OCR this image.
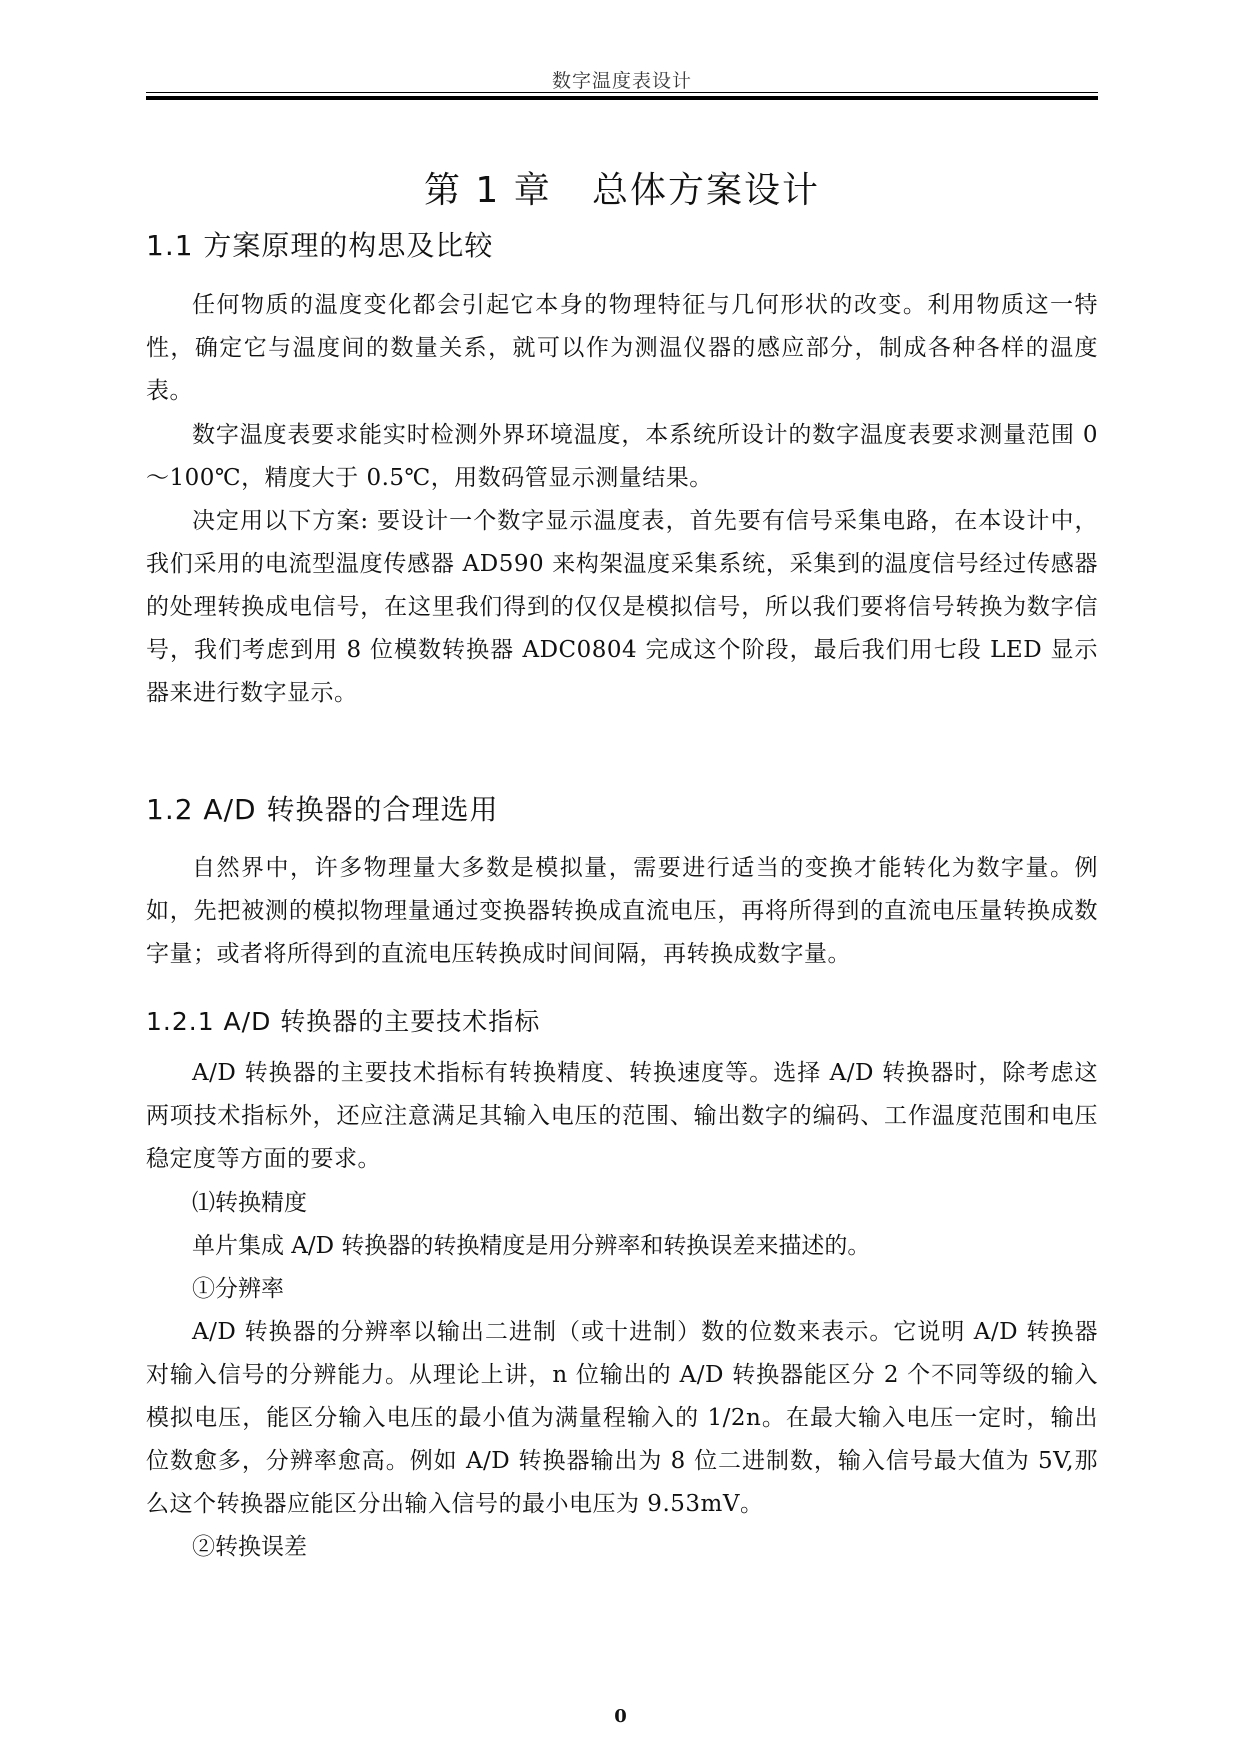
数字温度表设计
第 1 章   总体方案设计
1.1 方案原理的构思及比较
任何物质的温度变化都会引起它本身的物理特征与几何形状的改变。利用物质这一特性，确定它与温度间的数量关系，就可以作为测温仪器的感应部分，制成各种各样的温度表。
数字温度表要求能实时检测外界环境温度，本系统所设计的数字温度表要求测量范围 0～100℃，精度大于 0.5℃，用数码管显示测量结果。
决定用以下方案: 要设计一个数字显示温度表，首先要有信号采集电路，在本设计中，我们采用的电流型温度传感器 AD590 来构架温度采集系统，采集到的温度信号经过传感器的处理转换成电信号，在这里我们得到的仅仅是模拟信号，所以我们要将信号转换为数字信号，我们考虑到用 8 位模数转换器 ADC0804 完成这个阶段，最后我们用七段 LED 显示器来进行数字显示。
1.2 A/D 转换器的合理选用
自然界中，许多物理量大多数是模拟量，需要进行适当的变换才能转化为数字量。例如，先把被测的模拟物理量通过变换器转换成直流电压，再将所得到的直流电压量转换成数字量；或者将所得到的直流电压转换成时间间隔，再转换成数字量。
1.2.1 A/D 转换器的主要技术指标
A/D 转换器的主要技术指标有转换精度、转换速度等。选择 A/D 转换器时，除考虑这两项技术指标外，还应注意满足其输入电压的范围、输出数字的编码、工作温度范围和电压稳定度等方面的要求。
⑴转换精度
单片集成 A/D 转换器的转换精度是用分辨率和转换误差来描述的。
①分辨率
A/D 转换器的分辨率以输出二进制（或十进制）数的位数来表示。它说明 A/D 转换器对输入信号的分辨能力。从理论上讲，n 位输出的 A/D 转换器能区分 2 个不同等级的输入模拟电压，能区分输入电压的最小值为满量程输入的 1/2n。在最大输入电压一定时，输出位数愈多，分辨率愈高。例如 A/D 转换器输出为 8 位二进制数，输入信号最大值为 5V,那么这个转换器应能区分出输入信号的最小电压为 9.53mV。
②转换误差
0
